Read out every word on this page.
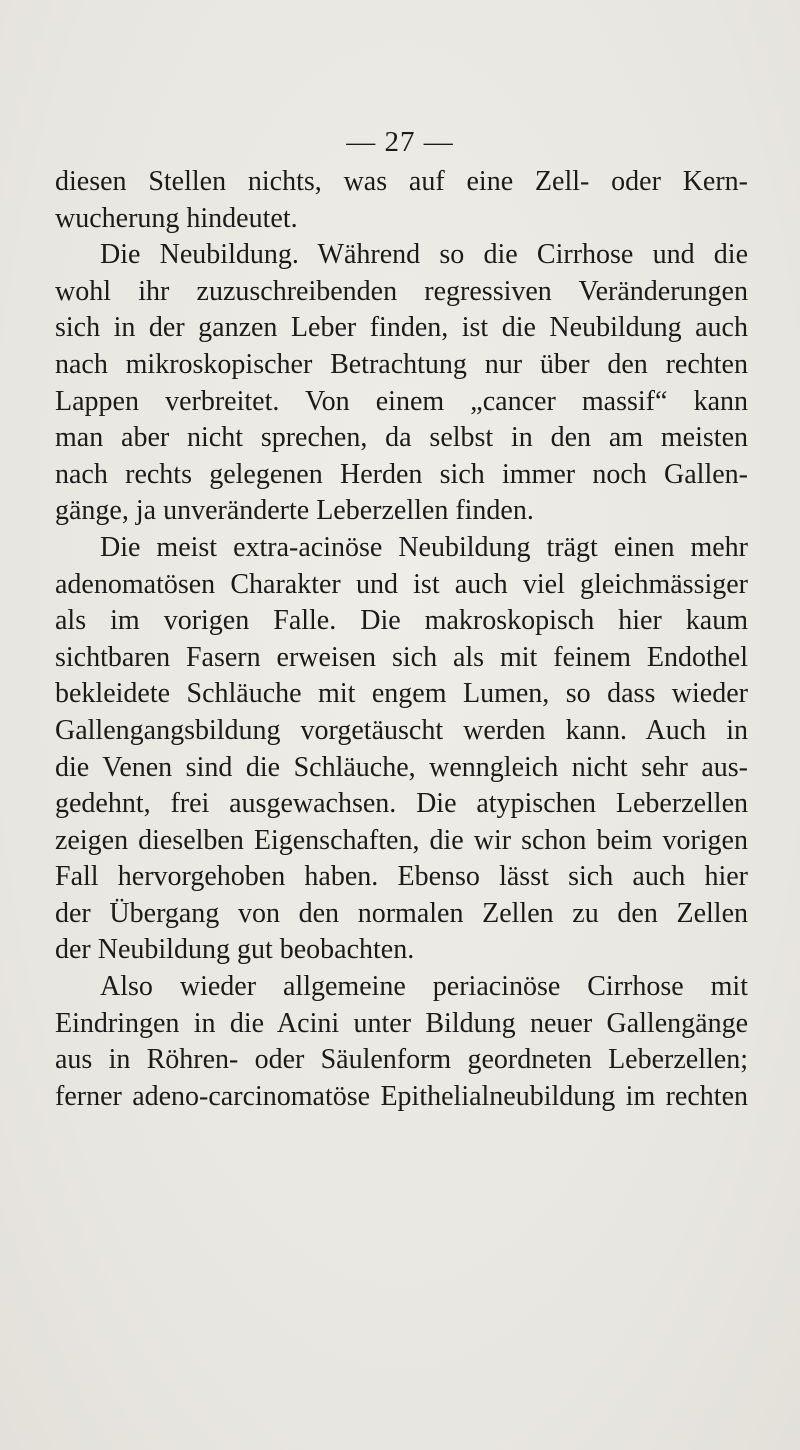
— 27 —

diesen Stellen nichts, was auf eine Zell- oder Kern-
wucherung hindeutet.

Die Neubildung. Während so die Cirrhose und die
wohl ihr zuzuschreibenden regressiven Veränderungen
sich in der ganzen Leber finden, ist die Neubildung auch
nach mikroskopischer Betrachtung nur über den rechten
Lappen verbreitet. Von einem „cancer massif“ kann
man aber nicht sprechen, da selbst in den am meisten
nach rechts gelegenen Herden sich immer noch Gallen-
gänge, ja unveränderte Leberzellen finden.

Die meist extra-acinöse Neubildung trägt einen mehr
adenomatösen Charakter und ist auch viel gleichmässiger
als im vorigen Falle. Die makroskopisch hier kaum
sichtbaren Fasern erweisen sich als mit feinem Endothel
bekleidete Schläuche mit engem Lumen, so dass wieder
Gallengangsbildung vorgetäuscht werden kann. Auch in
die Venen sind die Schläuche, wenngleich nicht sehr aus-
gedehnt, frei ausgewachsen. Die atypischen Leberzellen
zeigen dieselben Eigenschaften, die wir schon beim vorigen
Fall hervorgehoben haben. Ebenso lässt sich auch hier
der Übergang von den normalen Zellen zu den Zellen
der Neubildung gut beobachten.

Also wieder allgemeine periacinöse Cirrhose mit
Eindringen in die Acini unter Bildung neuer Gallengänge
aus in Röhren- oder Säulenform geordneten Leberzellen;
ferner adeno-carcinomatöse Epithelialneubildung im rechten
